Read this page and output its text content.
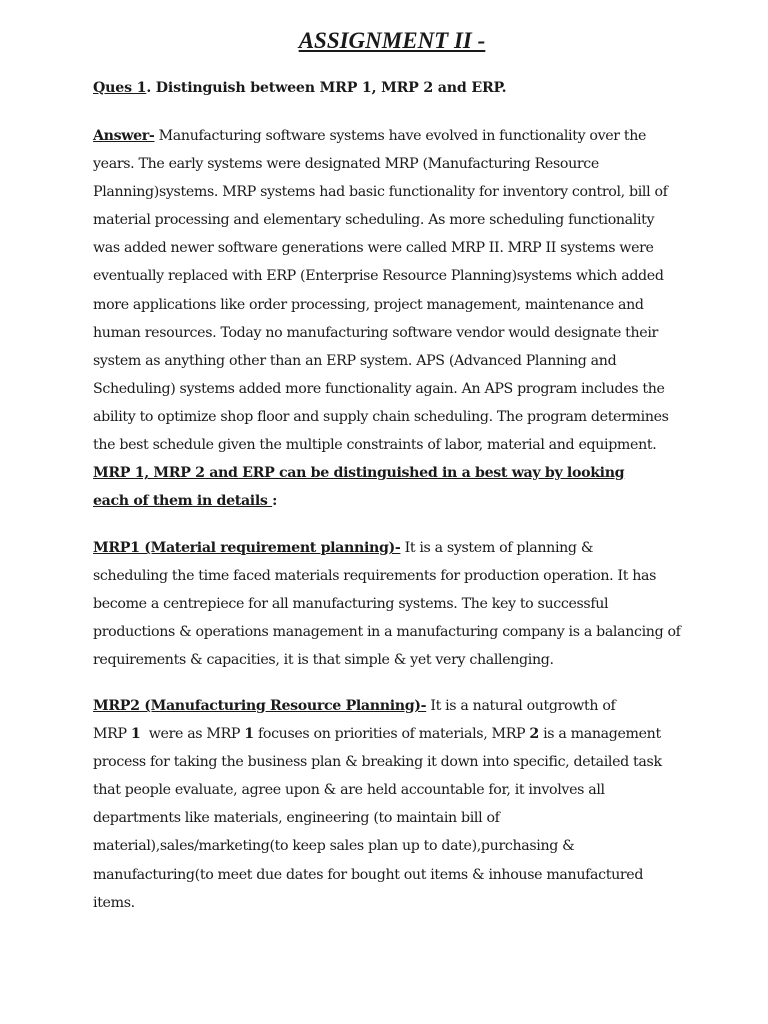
ASSIGNMENT II -
Ques 1. Distinguish between MRP 1, MRP 2 and ERP.
Answer- Manufacturing software systems have evolved in functionality over the
years. The early systems were designated MRP (Manufacturing Resource
Planning)systems. MRP systems had basic functionality for inventory control, bill of
material processing and elementary scheduling. As more scheduling functionality
was added newer software generations were called MRP II. MRP II systems were
eventually replaced with ERP (Enterprise Resource Planning)systems which added
more applications like order processing, project management, maintenance and
human resources. Today no manufacturing software vendor would designate their
system as anything other than an ERP system. APS (Advanced Planning and
Scheduling) systems added more functionality again. An APS program includes the
ability to optimize shop floor and supply chain scheduling. The program determines
the best schedule given the multiple constraints of labor, material and equipment.
MRP 1, MRP 2 and ERP can be distinguished in a best way by looking
each of them in details :
MRP1 (Material requirement planning)- It is a system of planning &
scheduling the time faced materials requirements for production operation. It has
become a centrepiece for all manufacturing systems. The key to successful
productions & operations management in a manufacturing company is a balancing of
requirements & capacities, it is that simple & yet very challenging.
MRP2 (Manufacturing Resource Planning)- It is a natural outgrowth of
MRP 1  were as MRP 1 focuses on priorities of materials, MRP 2 is a management
process for taking the business plan & breaking it down into specific, detailed task
that people evaluate, agree upon & are held accountable for, it involves all
departments like materials, engineering (to maintain bill of
material),sales/marketing(to keep sales plan up to date),purchasing &
manufacturing(to meet due dates for bought out items & inhouse manufactured
items.
